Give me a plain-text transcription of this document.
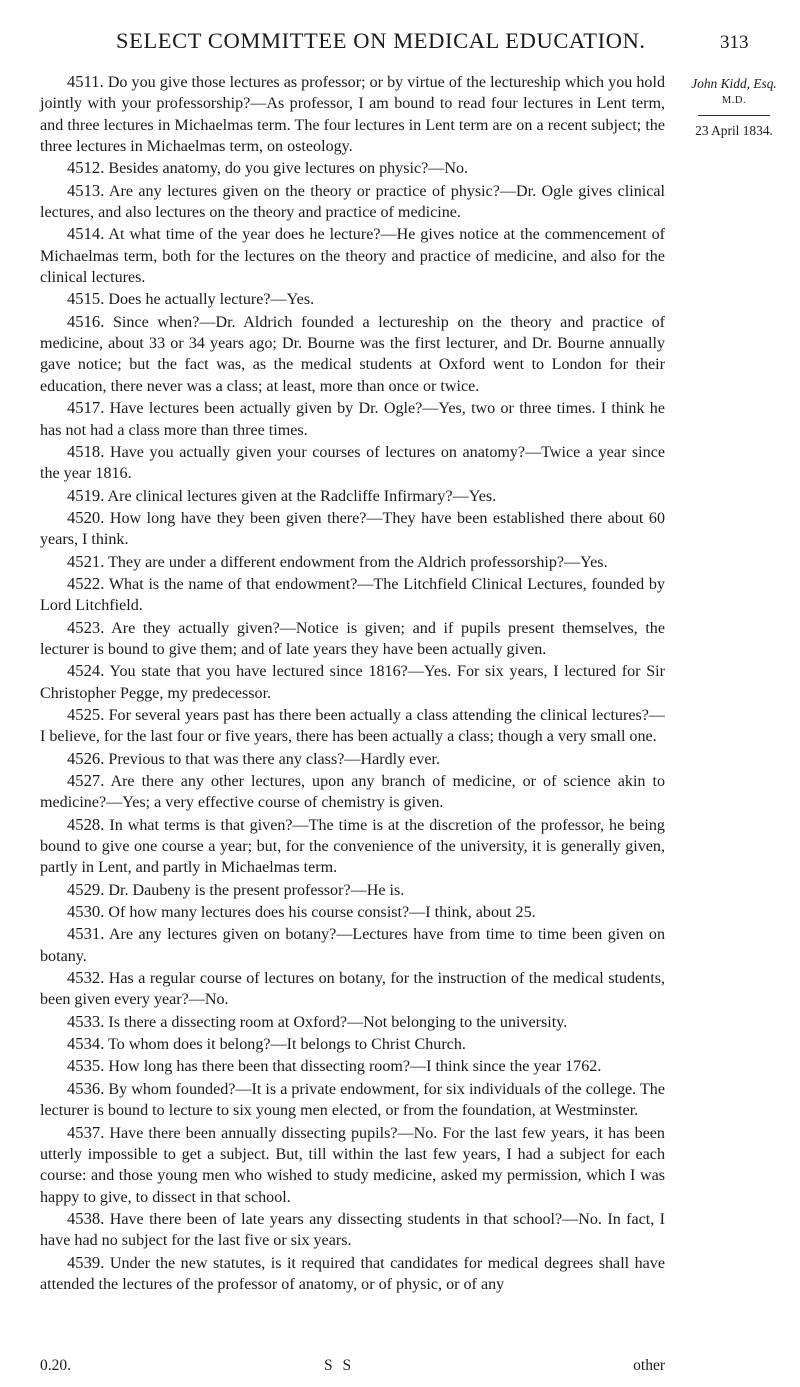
SELECT COMMITTEE ON MEDICAL EDUCATION.	313
John Kidd, Esq.
M.D.
23 April 1834.

4511. Do you give those lectures as professor; or by virtue of the lectureship which you hold jointly with your professorship?—As professor, I am bound to read four lectures in Lent term, and three lectures in Michaelmas term. The four lectures in Lent term are on a recent subject; the three lectures in Michaelmas term, on osteology.

4512. Besides anatomy, do you give lectures on physic?—No.

4513. Are any lectures given on the theory or practice of physic?—Dr. Ogle gives clinical lectures, and also lectures on the theory and practice of medicine.

4514. At what time of the year does he lecture?—He gives notice at the commencement of Michaelmas term, both for the lectures on the theory and practice of medicine, and also for the clinical lectures.

4515. Does he actually lecture?—Yes.

4516. Since when?—Dr. Aldrich founded a lectureship on the theory and practice of medicine, about 33 or 34 years ago; Dr. Bourne was the first lecturer, and Dr. Bourne annually gave notice; but the fact was, as the medical students at Oxford went to London for their education, there never was a class; at least, more than once or twice.

4517. Have lectures been actually given by Dr. Ogle?—Yes, two or three times. I think he has not had a class more than three times.

4518. Have you actually given your courses of lectures on anatomy?—Twice a year since the year 1816.

4519. Are clinical lectures given at the Radcliffe Infirmary?—Yes.

4520. How long have they been given there?—They have been established there about 60 years, I think.

4521. They are under a different endowment from the Aldrich professorship?—Yes.

4522. What is the name of that endowment?—The Litchfield Clinical Lectures, founded by Lord Litchfield.

4523. Are they actually given?—Notice is given; and if pupils present themselves, the lecturer is bound to give them; and of late years they have been actually given.

4524. You state that you have lectured since 1816?—Yes. For six years, I lectured for Sir Christopher Pegge, my predecessor.

4525. For several years past has there been actually a class attending the clinical lectures?—I believe, for the last four or five years, there has been actually a class; though a very small one.

4526. Previous to that was there any class?—Hardly ever.

4527. Are there any other lectures, upon any branch of medicine, or of science akin to medicine?—Yes; a very effective course of chemistry is given.

4528. In what terms is that given?—The time is at the discretion of the professor, he being bound to give one course a year; but, for the convenience of the university, it is generally given, partly in Lent, and partly in Michaelmas term.

4529. Dr. Daubeny is the present professor?—He is.

4530. Of how many lectures does his course consist?—I think, about 25.

4531. Are any lectures given on botany?—Lectures have from time to time been given on botany.

4532. Has a regular course of lectures on botany, for the instruction of the medical students, been given every year?—No.

4533. Is there a dissecting room at Oxford?—Not belonging to the university.

4534. To whom does it belong?—It belongs to Christ Church.

4535. How long has there been that dissecting room?—I think since the year 1762.

4536. By whom founded?—It is a private endowment, for six individuals of the college. The lecturer is bound to lecture to six young men elected, or from the foundation, at Westminster.

4537. Have there been annually dissecting pupils?—No. For the last few years, it has been utterly impossible to get a subject. But, till within the last few years, I had a subject for each course: and those young men who wished to study medicine, asked my permission, which I was happy to give, to dissect in that school.

4538. Have there been of late years any dissecting students in that school?—No. In fact, I have had no subject for the last five or six years.

4539. Under the new statutes, is it required that candidates for medical degrees shall have attended the lectures of the professor of anatomy, or of physic, or of any

0.20.	S S	other
